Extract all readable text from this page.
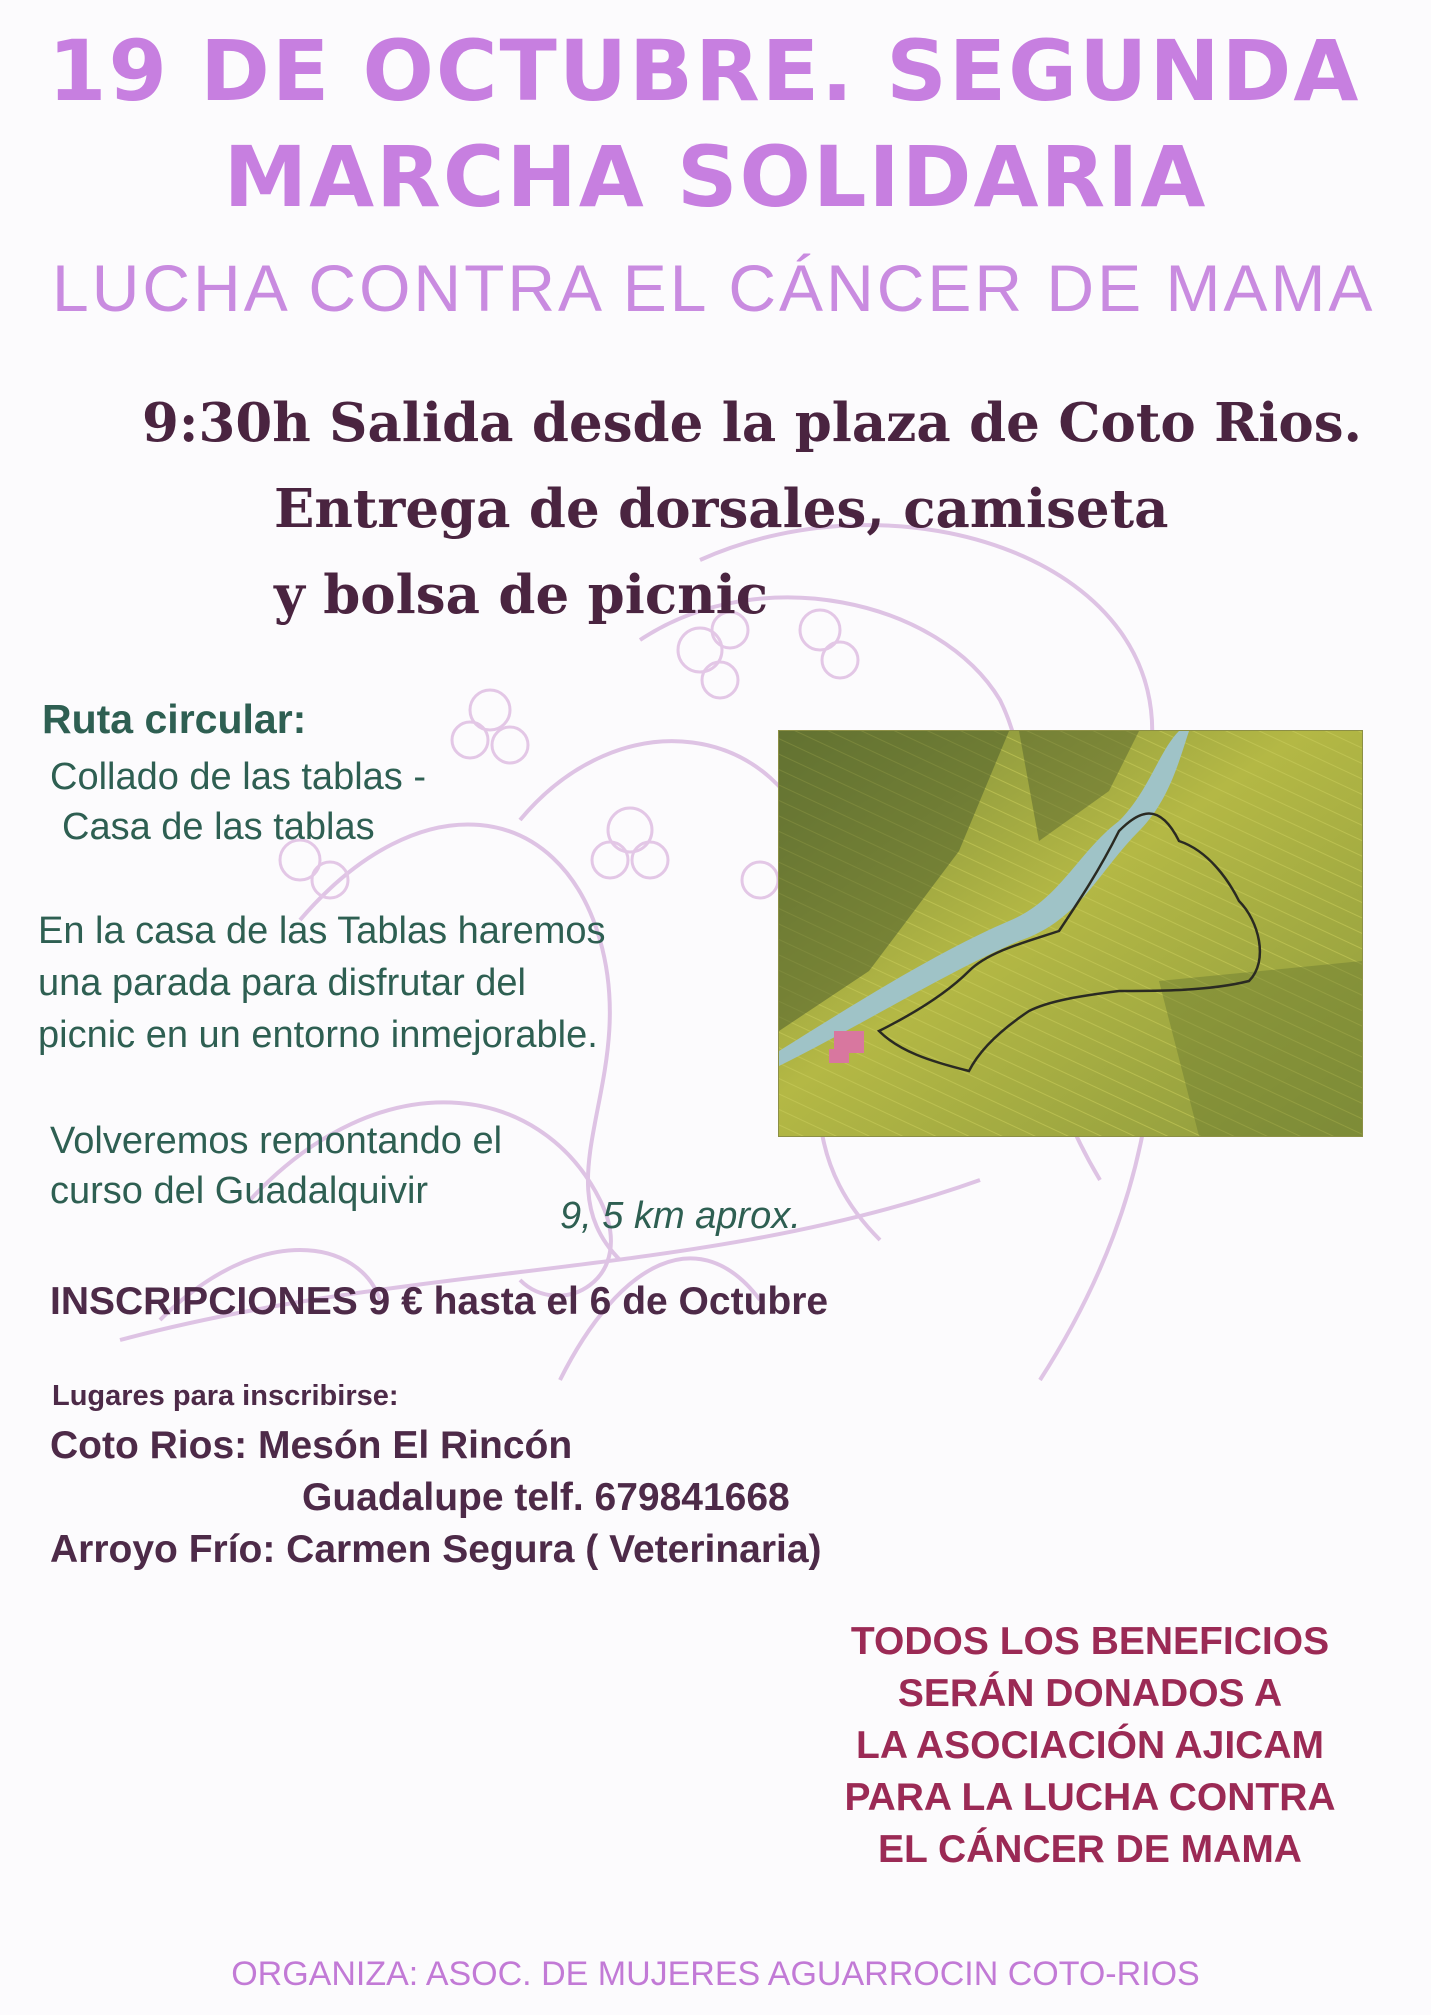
19 DE OCTUBRE. SEGUNDA
MARCHA SOLIDARIA
LUCHA CONTRA EL CÁNCER DE MAMA
9:30h Salida desde la plaza de Coto Rios.
Entrega de dorsales, camiseta
y bolsa de picnic
Ruta circular:
Collado de las tablas -
Casa de las tablas
En la casa de las Tablas haremos
una parada para disfrutar del
picnic en un entorno inmejorable.
Volveremos remontando el
curso del Guadalquivir
9, 5 km aprox.
INSCRIPCIONES 9 € hasta el 6 de Octubre
Lugares para inscribirse:
Coto Rios: Mesón El Rincón
Guadalupe telf. 679841668
Arroyo Frío: Carmen Segura ( Veterinaria)
TODOS LOS BENEFICIOS
SERÁN DONADOS A
LA ASOCIACIÓN AJICAM
PARA LA LUCHA CONTRA
EL CÁNCER DE MAMA
ORGANIZA: ASOC. DE MUJERES AGUARROCIN COTO-RIOS
